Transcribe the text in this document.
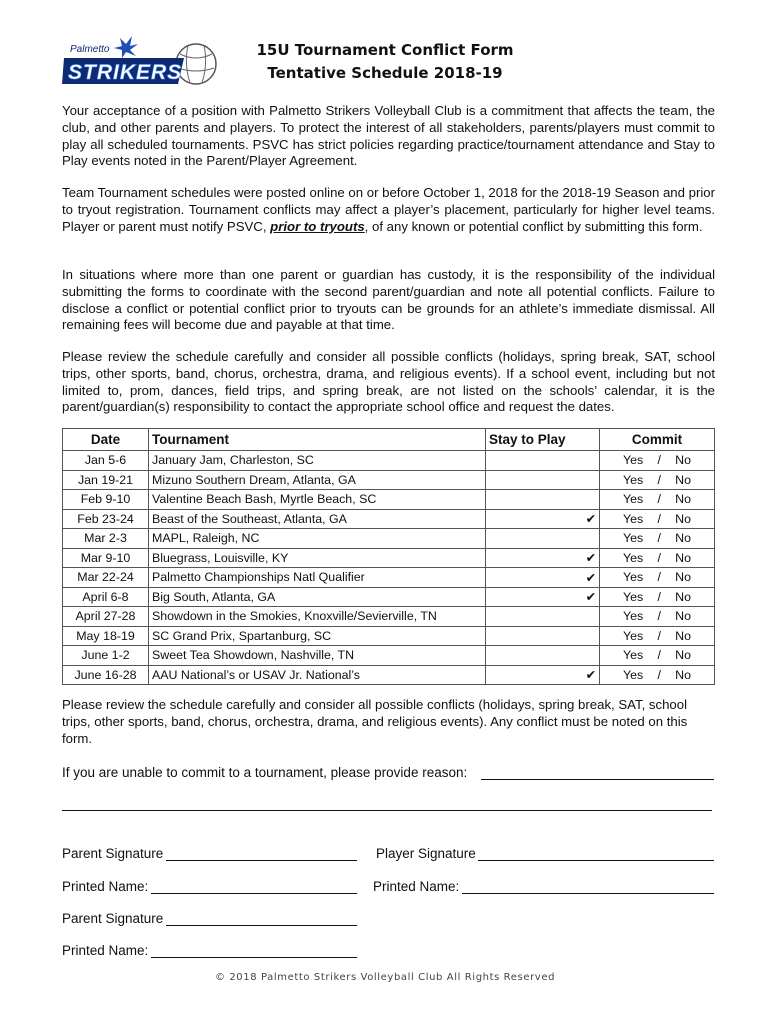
Palmetto
STRIKERS
15U Tournament Conflict Form
Tentative Schedule 2018-19

Your acceptance of a position with Palmetto Strikers Volleyball Club is a commitment that affects the team, the club, and other parents and players. To protect the interest of all stakeholders, parents/players must commit to play all scheduled tournaments. PSVC has strict policies regarding practice/tournament attendance and Stay to Play events noted in the Parent/Player Agreement.

Team Tournament schedules were posted online on or before October 1, 2018 for the 2018-19 Season and prior to tryout registration. Tournament conflicts may affect a player’s placement, particularly for higher level teams. Player or parent must notify PSVC, prior to tryouts, of any known or potential conflict by submitting this form.

In situations where more than one parent or guardian has custody, it is the responsibility of the individual submitting the forms to coordinate with the second parent/guardian and note all potential conflicts. Failure to disclose a conflict or potential conflict prior to tryouts can be grounds for an athlete’s immediate dismissal. All remaining fees will become due and payable at that time.

Please review the schedule carefully and consider all possible conflicts (holidays, spring break, SAT, school trips, other sports, band, chorus, orchestra, drama, and religious events). If a school event, including but not limited to, prom, dances, field trips, and spring break, are not listed on the schools’ calendar, it is the parent/guardian(s) responsibility to contact the appropriate school office and request the dates.

Date	Tournament	Stay to Play	Commit
Jan 5-6	January Jam, Charleston, SC		Yes / No

Jan 19-21	Mizuno Southern Dream, Atlanta, GA		Yes / No

Feb 9-10	Valentine Beach Bash, Myrtle Beach, SC		Yes / No

Feb 23-24	Beast of the Southeast, Atlanta, GA	✔	Yes / No

Mar 2-3	MAPL, Raleigh, NC		Yes / No

Mar 9-10	Bluegrass, Louisville, KY	✔	Yes / No

Mar 22-24	Palmetto Championships Natl Qualifier	✔	Yes / No

April 6-8	Big South, Atlanta, GA	✔	Yes / No

April 27-28	Showdown in the Smokies, Knoxville/Sevierville, TN		Yes / No

May 18-19	SC Grand Prix, Spartanburg, SC		Yes / No

June 1-2	Sweet Tea Showdown, Nashville, TN		Yes / No

June 16-28	AAU National’s or USAV Jr. National’s	✔	Yes / No

Please review the schedule carefully and consider all possible conflicts (holidays, spring break, SAT, school trips, other sports, band, chorus, orchestra, drama, and religious events). Any conflict must be noted on this form.

If you are unable to commit to a tournament, please provide reason:
Parent Signature	Player Signature
Printed Name:	Printed Name:
Parent Signature
Printed Name:
© 2018 Palmetto Strikers Volleyball Club All Rights Reserved
